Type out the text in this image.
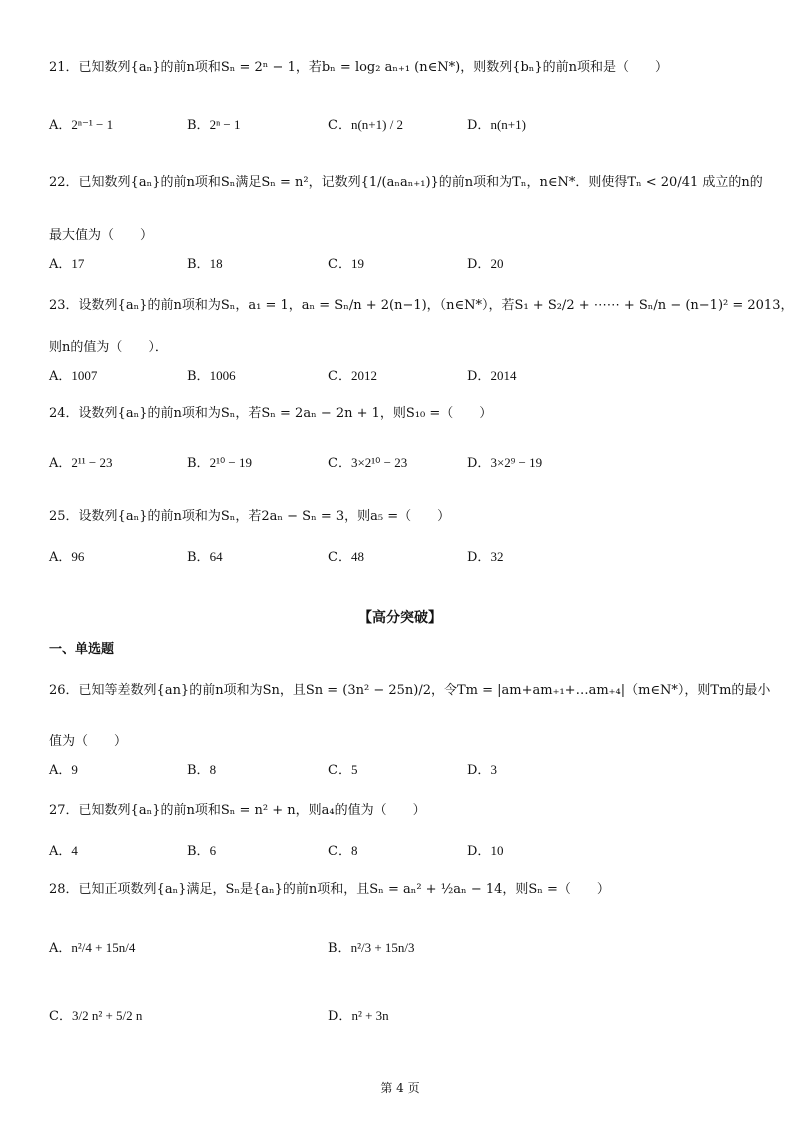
21．已知数列{aₙ}的前n项和Sₙ = 2ⁿ − 1，若bₙ = log₂ aₙ₊₁ (n∈N*)，则数列{bₙ}的前n项和是（　　）
A．2ⁿ⁻¹ − 1	B．2ⁿ − 1	C．n(n+1) / 2	D．n(n+1)
22．已知数列{aₙ}的前n项和Sₙ满足Sₙ = n²，记数列{1/(aₙaₙ₊₁)}的前n项和为Tₙ，n∈N*．则使得Tₙ < 20/41 成立的n的
最大值为（　　）
A．17	B．18	C．19	D．20
23．设数列{aₙ}的前n项和为Sₙ，a₁ = 1，aₙ = Sₙ/n + 2(n−1)，（n∈N*），若S₁ + S₂/2 + ⋯⋯ + Sₙ/n − (n−1)² = 2013，
则n的值为（　　）．
A．1007	B．1006	C．2012	D．2014
24．设数列{aₙ}的前n项和为Sₙ，若Sₙ = 2aₙ − 2n + 1，则S₁₀ =（　　）
A．2¹¹ − 23	B．2¹⁰ − 19	C．3×2¹⁰ − 23	D．3×2⁹ − 19
25．设数列{aₙ}的前n项和为Sₙ，若2aₙ − Sₙ = 3，则a₅ =（　　）
A．96	B．64	C．48	D．32
【高分突破】
一、单选题
26．已知等差数列{an}的前n项和为Sn，且Sn = (3n² − 25n)/2，令Tm = |am+am₊₁+…am₊₄|（m∈N*），则Tm的最小
值为（　　）
A．9	B．8	C．5	D．3
27．已知数列{aₙ}的前n项和Sₙ = n² + n，则a₄的值为（　　）
A．4	B．6	C．8	D．10
28．已知正项数列{aₙ}满足，Sₙ是{aₙ}的前n项和，且Sₙ = aₙ² + ½aₙ − 14，则Sₙ =（　　）
A．n²/4 + 15n/4	B．n²/3 + 15n/3
C．3/2 n² + 5/2 n	D．n² + 3n
第 4 页
